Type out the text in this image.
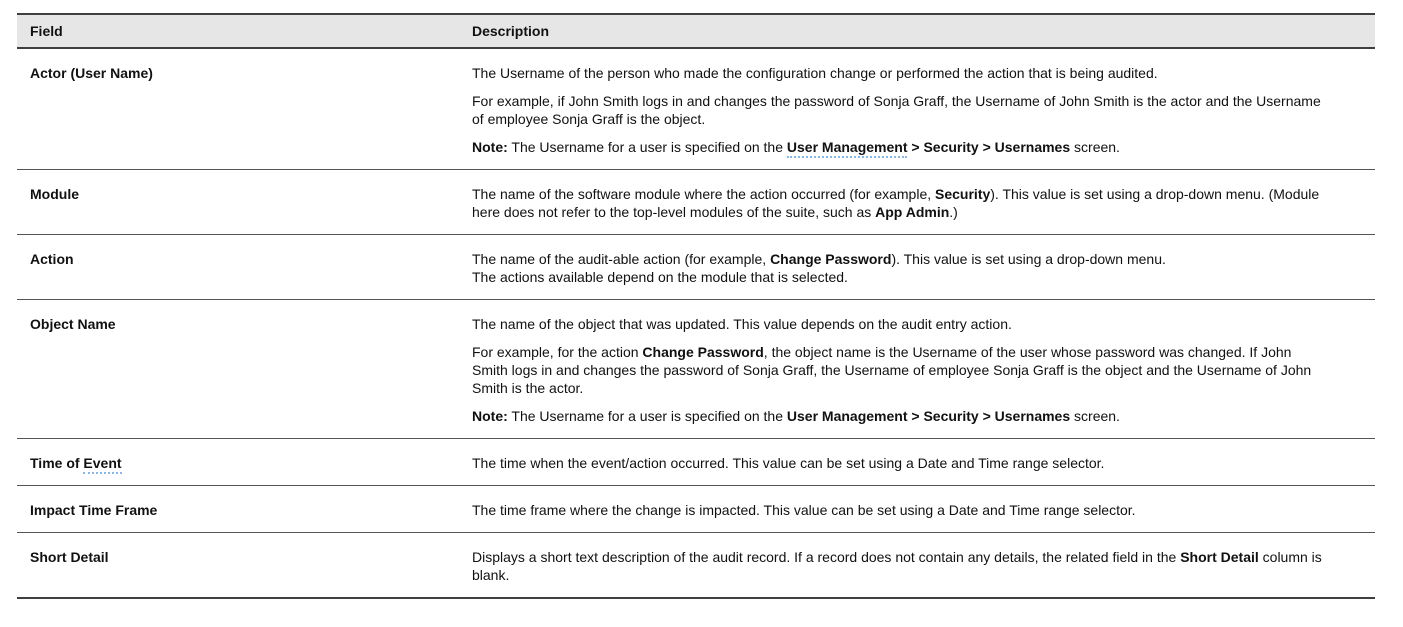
Field	Description
Actor (User Name)	The Username of the person who made the configuration change or performed the action that is being audited.

For example, if John Smith logs in and changes the password of Sonja Graff, the Username of John Smith is the actor and the Username of employee Sonja Graff is the object.

Note: The Username for a user is specified on the User Management > Security > Usernames screen.

Module	The name of the software module where the action occurred (for example, Security). This value is set using a drop-down menu. (Module here does not refer to the top-level modules of the suite, such as App Admin.)

Action	The name of the audit-able action (for example, Change Password). This value is set using a drop-down menu.
The actions available depend on the module that is selected.

Object Name	The name of the object that was updated. This value depends on the audit entry action.

For example, for the action Change Password, the object name is the Username of the user whose password was changed. If John Smith logs in and changes the password of Sonja Graff, the Username of employee Sonja Graff is the object and the Username of John Smith is the actor.

Note: The Username for a user is specified on the User Management > Security > Usernames screen.

Time of Event	The time when the event/action occurred. This value can be set using a Date and Time range selector.

Impact Time Frame	The time frame where the change is impacted. This value can be set using a Date and Time range selector.

Short Detail	Displays a short text description of the audit record. If a record does not contain any details, the related field in the Short Detail column is blank.
